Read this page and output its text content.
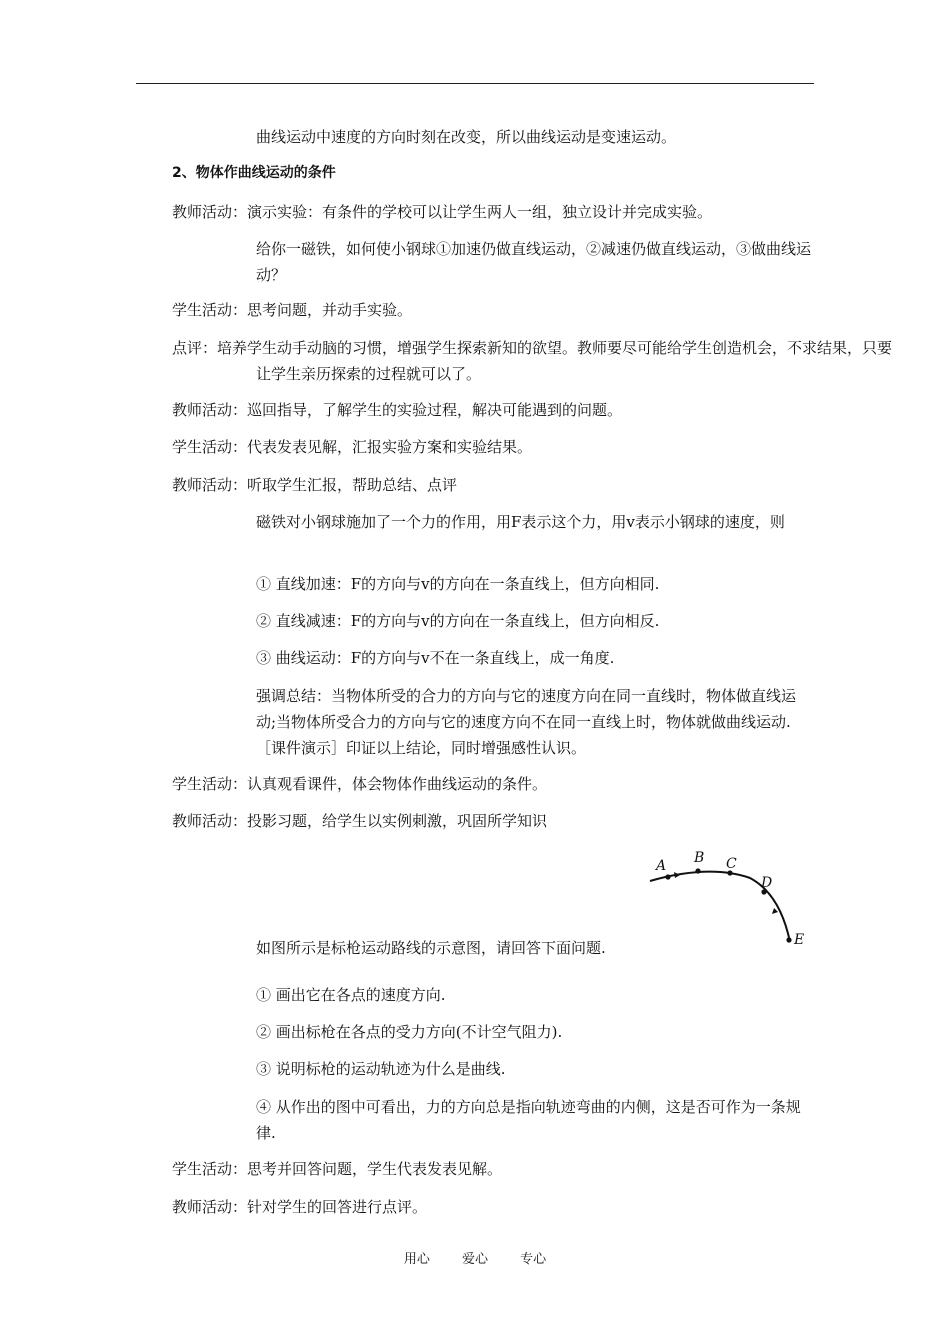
曲线运动中速度的方向时刻在改变，所以曲线运动是变速运动。
2、物体作曲线运动的条件
教师活动：演示实验：有条件的学校可以让学生两人一组，独立设计并完成实验。
给你一磁铁，如何使小钢球①加速仍做直线运动，②减速仍做直线运动，③做曲线运动？
学生活动：思考问题，并动手实验。
点评：培养学生动手动脑的习惯，增强学生探索新知的欲望。教师要尽可能给学生创造机会，不求结果，只要让学生亲历探索的过程就可以了。
教师活动：巡回指导，了解学生的实验过程，解决可能遇到的问题。
学生活动：代表发表见解，汇报实验方案和实验结果。
教师活动：听取学生汇报，帮助总结、点评
磁铁对小钢球施加了一个力的作用，用F表示这个力，用v表示小钢球的速度，则
① 直线加速：F的方向与v的方向在一条直线上，但方向相同.
② 直线减速：F的方向与v的方向在一条直线上，但方向相反.
③ 曲线运动：F的方向与v不在一条直线上，成一角度.
强调总结：当物体所受的合力的方向与它的速度方向在同一直线时，物体做直线运动;当物体所受合力的方向与它的速度方向不在同一直线上时，物体就做曲线运动. ［课件演示］印证以上结论，同时增强感性认识。
学生活动：认真观看课件，体会物体作曲线运动的条件。
教师活动：投影习题，给学生以实例刺激，巩固所学知识
A B C
D
E
如图所示是标枪运动路线的示意图，请回答下面问题.
① 画出它在各点的速度方向.
② 画出标枪在各点的受力方向(不计空气阻力).
③ 说明标枪的运动轨迹为什么是曲线.
④ 从作出的图中可看出，力的方向总是指向轨迹弯曲的内侧，这是否可作为一条规律.
学生活动：思考并回答问题，学生代表发表见解。
教师活动：针对学生的回答进行点评。
用心 爱心 专心
